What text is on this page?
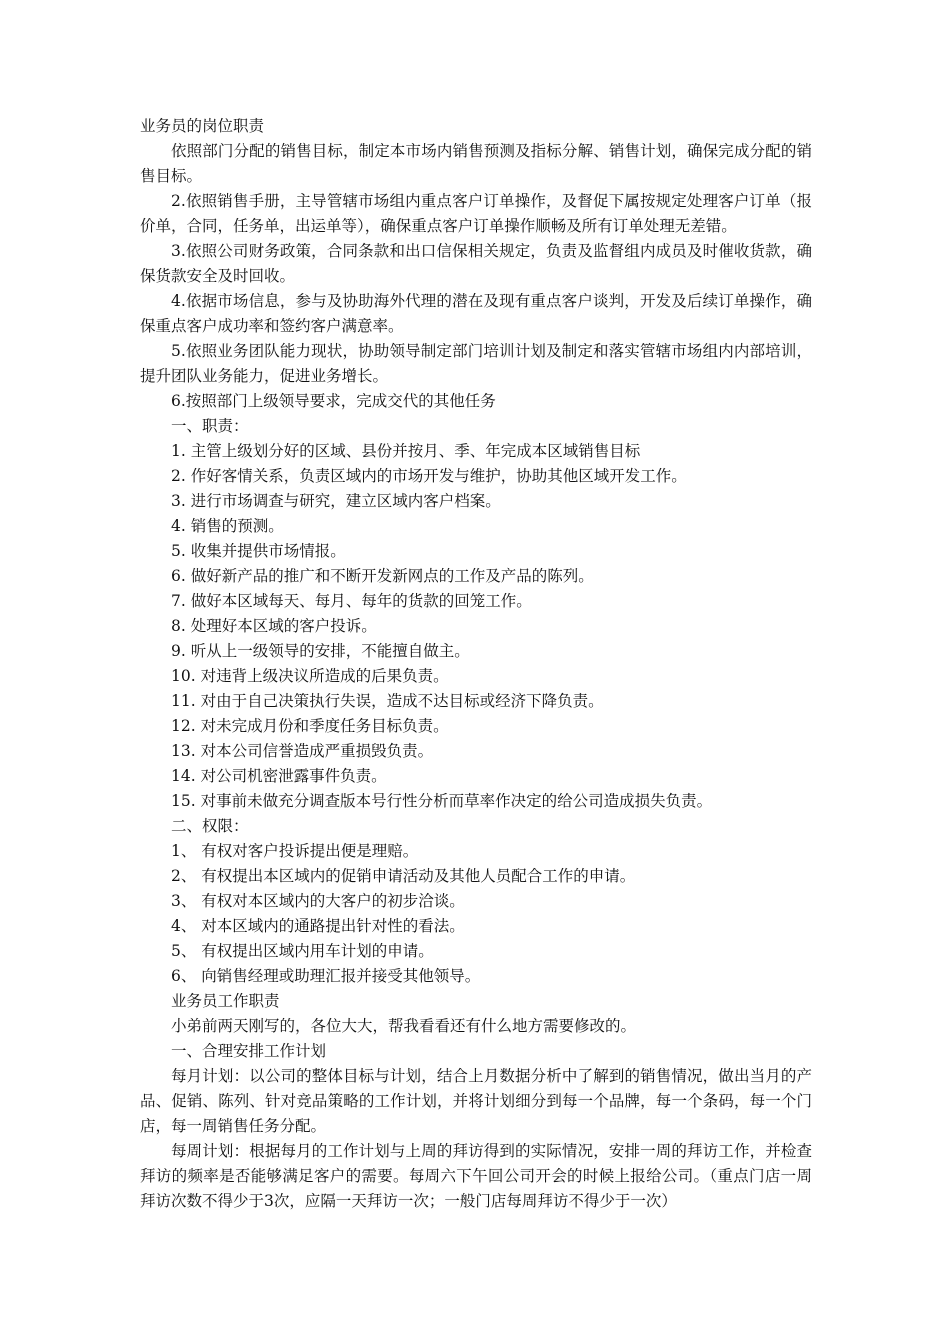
业务员的岗位职责

依照部门分配的销售目标，制定本市场内销售预测及指标分解、销售计划，确保完成分配的销售目标。

2.依照销售手册，主导管辖市场组内重点客户订单操作，及督促下属按规定处理客户订单（报价单，合同，任务单，出运单等），确保重点客户订单操作顺畅及所有订单处理无差错。

3.依照公司财务政策，合同条款和出口信保相关规定，负责及监督组内成员及时催收货款，确保货款安全及时回收。

4.依据市场信息，参与及协助海外代理的潜在及现有重点客户谈判，开发及后续订单操作，确保重点客户成功率和签约客户满意率。

5.依照业务团队能力现状，协助领导制定部门培训计划及制定和落实管辖市场组内内部培训，提升团队业务能力，促进业务增长。

6.按照部门上级领导要求，完成交代的其他任务

一、职责：

1. 主管上级划分好的区域、县份并按月、季、年完成本区域销售目标

2. 作好客情关系，负责区域内的市场开发与维护，协助其他区域开发工作。

3. 进行市场调查与研究，建立区域内客户档案。

4. 销售的预测。

5. 收集并提供市场情报。

6. 做好新产品的推广和不断开发新网点的工作及产品的陈列。

7. 做好本区域每天、每月、每年的货款的回笼工作。

8. 处理好本区域的客户投诉。

9. 听从上一级领导的安排，不能擅自做主。

10. 对违背上级决议所造成的后果负责。

11. 对由于自己决策执行失误，造成不达目标或经济下降负责。

12. 对未完成月份和季度任务目标负责。

13. 对本公司信誉造成严重损毁负责。

14. 对公司机密泄露事件负责。

15. 对事前未做充分调查版本号行性分析而草率作决定的给公司造成损失负责。

二、权限：

1、 有权对客户投诉提出便是理赔。

2、 有权提出本区域内的促销申请活动及其他人员配合工作的申请。

3、 有权对本区域内的大客户的初步洽谈。

4、 对本区域内的通路提出针对性的看法。

5、 有权提出区域内用车计划的申请。

6、 向销售经理或助理汇报并接受其他领导。

业务员工作职责

小弟前两天刚写的，各位大大，帮我看看还有什么地方需要修改的。

一、合理安排工作计划

每月计划：以公司的整体目标与计划，结合上月数据分析中了解到的销售情况，做出当月的产品、促销、陈列、针对竞品策略的工作计划，并将计划细分到每一个品牌，每一个条码，每一个门店，每一周销售任务分配。

每周计划：根据每月的工作计划与上周的拜访得到的实际情况，安排一周的拜访工作，并检查拜访的频率是否能够满足客户的需要。每周六下午回公司开会的时候上报给公司。（重点门店一周拜访次数不得少于3次，应隔一天拜访一次；一般门店每周拜访不得少于一次）
